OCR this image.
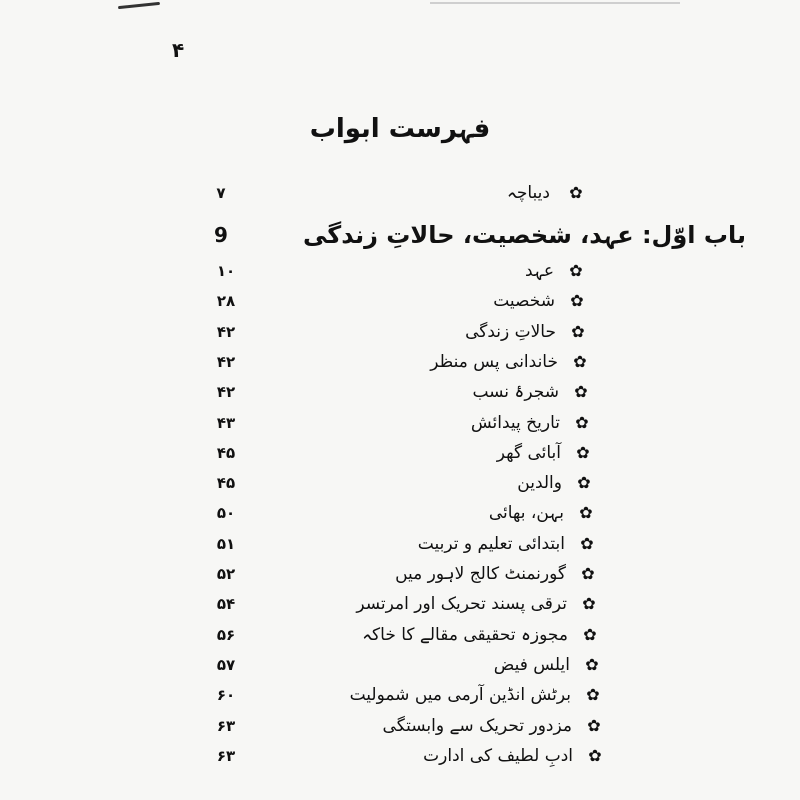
۴
فہرست ابواب
✿
دیباچہ
۷
باب اوّل: عہد، شخصیت، حالاتِ زندگی
9
✿
عہد
۱۰
✿
شخصیت
۲۸
✿
حالاتِ زندگی
۴۲
✿
خاندانی پس منظر
۴۲
✿
شجرۂ نسب
۴۲
✿
تاریخ پیدائش
۴۳
✿
آبائی گھر
۴۵
✿
والدین
۴۵
✿
بہن، بھائی
۵۰
✿
ابتدائی تعلیم و تربیت
۵۱
✿
گورنمنٹ کالج لاہور میں
۵۲
✿
ترقی پسند تحریک اور امرتسر
۵۴
✿
مجوزہ تحقیقی مقالے کا خاکہ
۵۶
✿
ایلس فیض
۵۷
✿
برٹش انڈین آرمی میں شمولیت
۶۰
✿
مزدور تحریک سے وابستگی
۶۳
✿
ادبِ لطیف کی ادارت
۶۳
